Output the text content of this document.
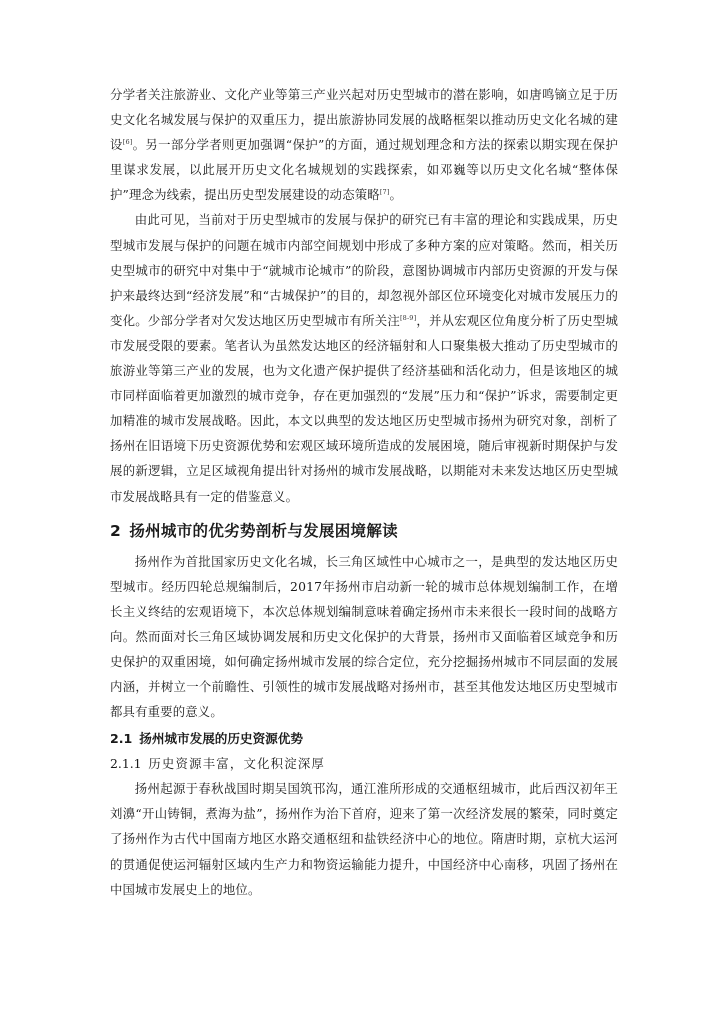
分学者关注旅游业、文化产业等第三产业兴起对历史型城市的潜在影响，如唐鸣镝立足于历史文化名城发展与保护的双重压力，提出旅游协同发展的战略框架以推动历史文化名城的建设[6]。另一部分学者则更加强调“保护”的方面，通过规划理念和方法的探索以期实现在保护里谋求发展，以此展开历史文化名城规划的实践探索，如邓巍等以历史文化名城“整体保护”理念为线索，提出历史型发展建设的动态策略[7]。

由此可见，当前对于历史型城市的发展与保护的研究已有丰富的理论和实践成果，历史型城市发展与保护的问题在城市内部空间规划中形成了多种方案的应对策略。然而，相关历史型城市的研究中对集中于“就城市论城市”的阶段，意图协调城市内部历史资源的开发与保护来最终达到“经济发展”和“古城保护”的目的，却忽视外部区位环境变化对城市发展压力的变化。少部分学者对欠发达地区历史型城市有所关注[8-9]，并从宏观区位角度分析了历史型城市发展受限的要素。笔者认为虽然发达地区的经济辐射和人口聚集极大推动了历史型城市的旅游业等第三产业的发展，也为文化遗产保护提供了经济基础和活化动力，但是该地区的城市同样面临着更加激烈的城市竞争，存在更加强烈的“发展”压力和“保护”诉求，需要制定更加精准的城市发展战略。因此，本文以典型的发达地区历史型城市扬州为研究对象，剖析了扬州在旧语境下历史资源优势和宏观区域环境所造成的发展困境，随后审视新时期保护与发展的新逻辑，立足区域视角提出针对扬州的城市发展战略，以期能对未来发达地区历史型城市发展战略具有一定的借鉴意义。

2 扬州城市的优劣势剖析与发展困境解读

扬州作为首批国家历史文化名城，长三角区域性中心城市之一，是典型的发达地区历史型城市。经历四轮总规编制后，2017年扬州市启动新一轮的城市总体规划编制工作，在增长主义终结的宏观语境下，本次总体规划编制意味着确定扬州市未来很长一段时间的战略方向。然而面对长三角区域协调发展和历史文化保护的大背景，扬州市又面临着区域竞争和历史保护的双重困境，如何确定扬州城市发展的综合定位，充分挖掘扬州城市不同层面的发展内涵，并树立一个前瞻性、引领性的城市发展战略对扬州市，甚至其他发达地区历史型城市都具有重要的意义。

2.1 扬州城市发展的历史资源优势
2.1.1 历史资源丰富，文化积淀深厚

扬州起源于春秋战国时期吴国筑邗沟，通江淮所形成的交通枢纽城市，此后西汉初年王刘濞“开山铸铜，煮海为盐”，扬州作为治下首府，迎来了第一次经济发展的繁荣，同时奠定了扬州作为古代中国南方地区水路交通枢纽和盐铁经济中心的地位。隋唐时期，京杭大运河的贯通促使运河辐射区域内生产力和物资运输能力提升，中国经济中心南移，巩固了扬州在中国城市发展史上的地位。
